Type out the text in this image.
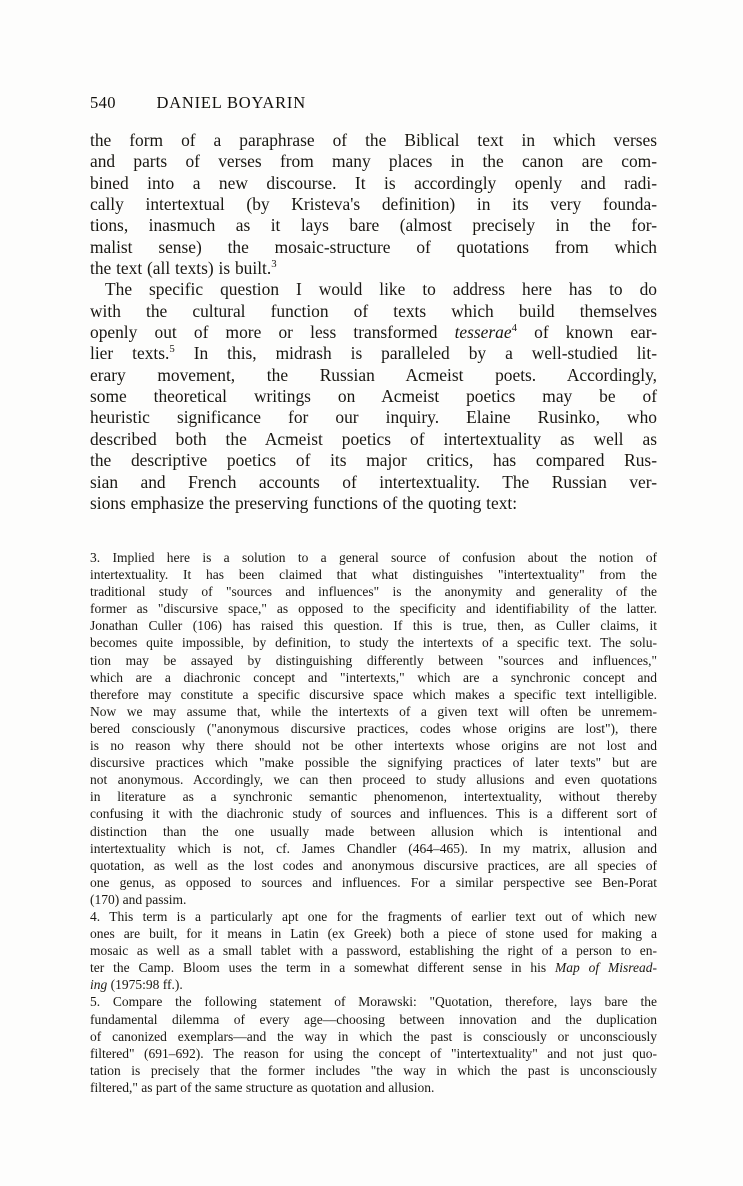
540 DANIEL BOYARIN
the form of a paraphrase of the Biblical text in which verses
and parts of verses from many places in the canon are com-
bined into a new discourse. It is accordingly openly and radi-
cally intertextual (by Kristeva's definition) in its very founda-
tions, inasmuch as it lays bare (almost precisely in the for-
malist sense) the mosaic-structure of quotations from which
the text (all texts) is built.$^3$
The specific question I would like to address here has to do
with the cultural function of texts which build themselves
openly out of more or less transformed tesserae$^4$ of known ear-
lier texts.$^5$ In this, midrash is paralleled by a well-studied lit-
erary movement, the Russian Acmeist poets. Accordingly,
some theoretical writings on Acmeist poetics may be of
heuristic significance for our inquiry. Elaine Rusinko, who
described both the Acmeist poetics of intertextuality as well as
the descriptive poetics of its major critics, has compared Rus-
sian and French accounts of intertextuality. The Russian ver-
sions emphasize the preserving functions of the quoting text:
3. Implied here is a solution to a general source of confusion about the notion of
intertextuality. It has been claimed that what distinguishes "intertextuality" from the
traditional study of "sources and influences" is the anonymity and generality of the
former as "discursive space," as opposed to the specificity and identifiability of the latter.
Jonathan Culler (106) has raised this question. If this is true, then, as Culler claims, it
becomes quite impossible, by definition, to study the intertexts of a specific text. The solu-
tion may be assayed by distinguishing differently between "sources and influences,"
which are a diachronic concept and "intertexts," which are a synchronic concept and
therefore may constitute a specific discursive space which makes a specific text intelligible.
Now we may assume that, while the intertexts of a given text will often be unremem-
bered consciously ("anonymous discursive practices, codes whose origins are lost"), there
is no reason why there should not be other intertexts whose origins are not lost and
discursive practices which "make possible the signifying practices of later texts" but are
not anonymous. Accordingly, we can then proceed to study allusions and even quotations
in literature as a synchronic semantic phenomenon, intertextuality, without thereby
confusing it with the diachronic study of sources and influences. This is a different sort of
distinction than the one usually made between allusion which is intentional and
intertextuality which is not, cf. James Chandler (464–465). In my matrix, allusion and
quotation, as well as the lost codes and anonymous discursive practices, are all species of
one genus, as opposed to sources and influences. For a similar perspective see Ben-Porat
(170) and passim.
4. This term is a particularly apt one for the fragments of earlier text out of which new
ones are built, for it means in Latin (ex Greek) both a piece of stone used for making a
mosaic as well as a small tablet with a password, establishing the right of a person to en-
ter the Camp. Bloom uses the term in a somewhat different sense in his Map of Misread-
ing (1975:98 ff.).
5. Compare the following statement of Morawski: "Quotation, therefore, lays bare the
fundamental dilemma of every age—choosing between innovation and the duplication
of canonized exemplars—and the way in which the past is consciously or unconsciously
filtered" (691–692). The reason for using the concept of "intertextuality" and not just quo-
tation is precisely that the former includes "the way in which the past is unconsciously
filtered," as part of the same structure as quotation and allusion.
